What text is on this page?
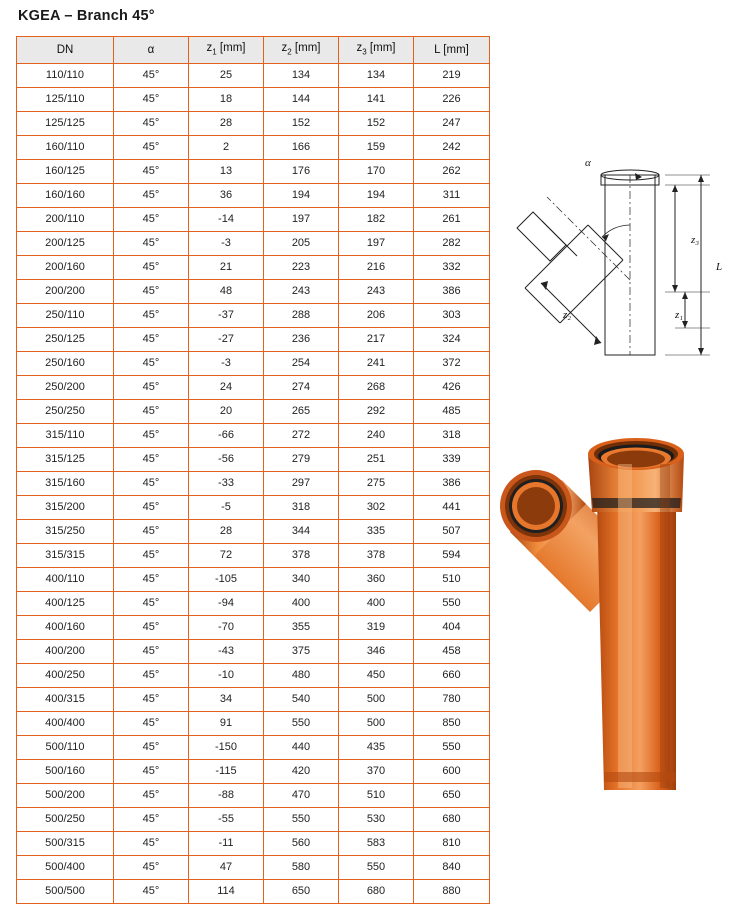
KGEA – Branch 45°
DN	α	$z_1$ [mm]	$z_2$ [mm]	$z_3$ [mm]	L [mm]
110/110	45°	25	134	134	219
125/110	45°	18	144	141	226
125/125	45°	28	152	152	247
160/110	45°	2	166	159	242
160/125	45°	13	176	170	262
160/160	45°	36	194	194	311
200/110	45°	-14	197	182	261
200/125	45°	-3	205	197	282
200/160	45°	21	223	216	332
200/200	45°	48	243	243	386
250/110	45°	-37	288	206	303
250/125	45°	-27	236	217	324
250/160	45°	-3	254	241	372
250/200	45°	24	274	268	426
250/250	45°	20	265	292	485
315/110	45°	-66	272	240	318
315/125	45°	-56	279	251	339
315/160	45°	-33	297	275	386
315/200	45°	-5	318	302	441
315/250	45°	28	344	335	507
315/315	45°	72	378	378	594
400/110	45°	-105	340	360	510
400/125	45°	-94	400	400	550
400/160	45°	-70	355	319	404
400/200	45°	-43	375	346	458
400/250	45°	-10	480	450	660
400/315	45°	34	540	500	780
400/400	45°	91	550	500	850
500/110	45°	-150	440	435	550
500/160	45°	-115	420	370	600
500/200	45°	-88	470	510	650
500/250	45°	-55	550	530	680
500/315	45°	-11	560	583	810
500/400	45°	47	580	550	840
500/500	45°	114	650	680	880
α
z₃
L
z₁
z₂
